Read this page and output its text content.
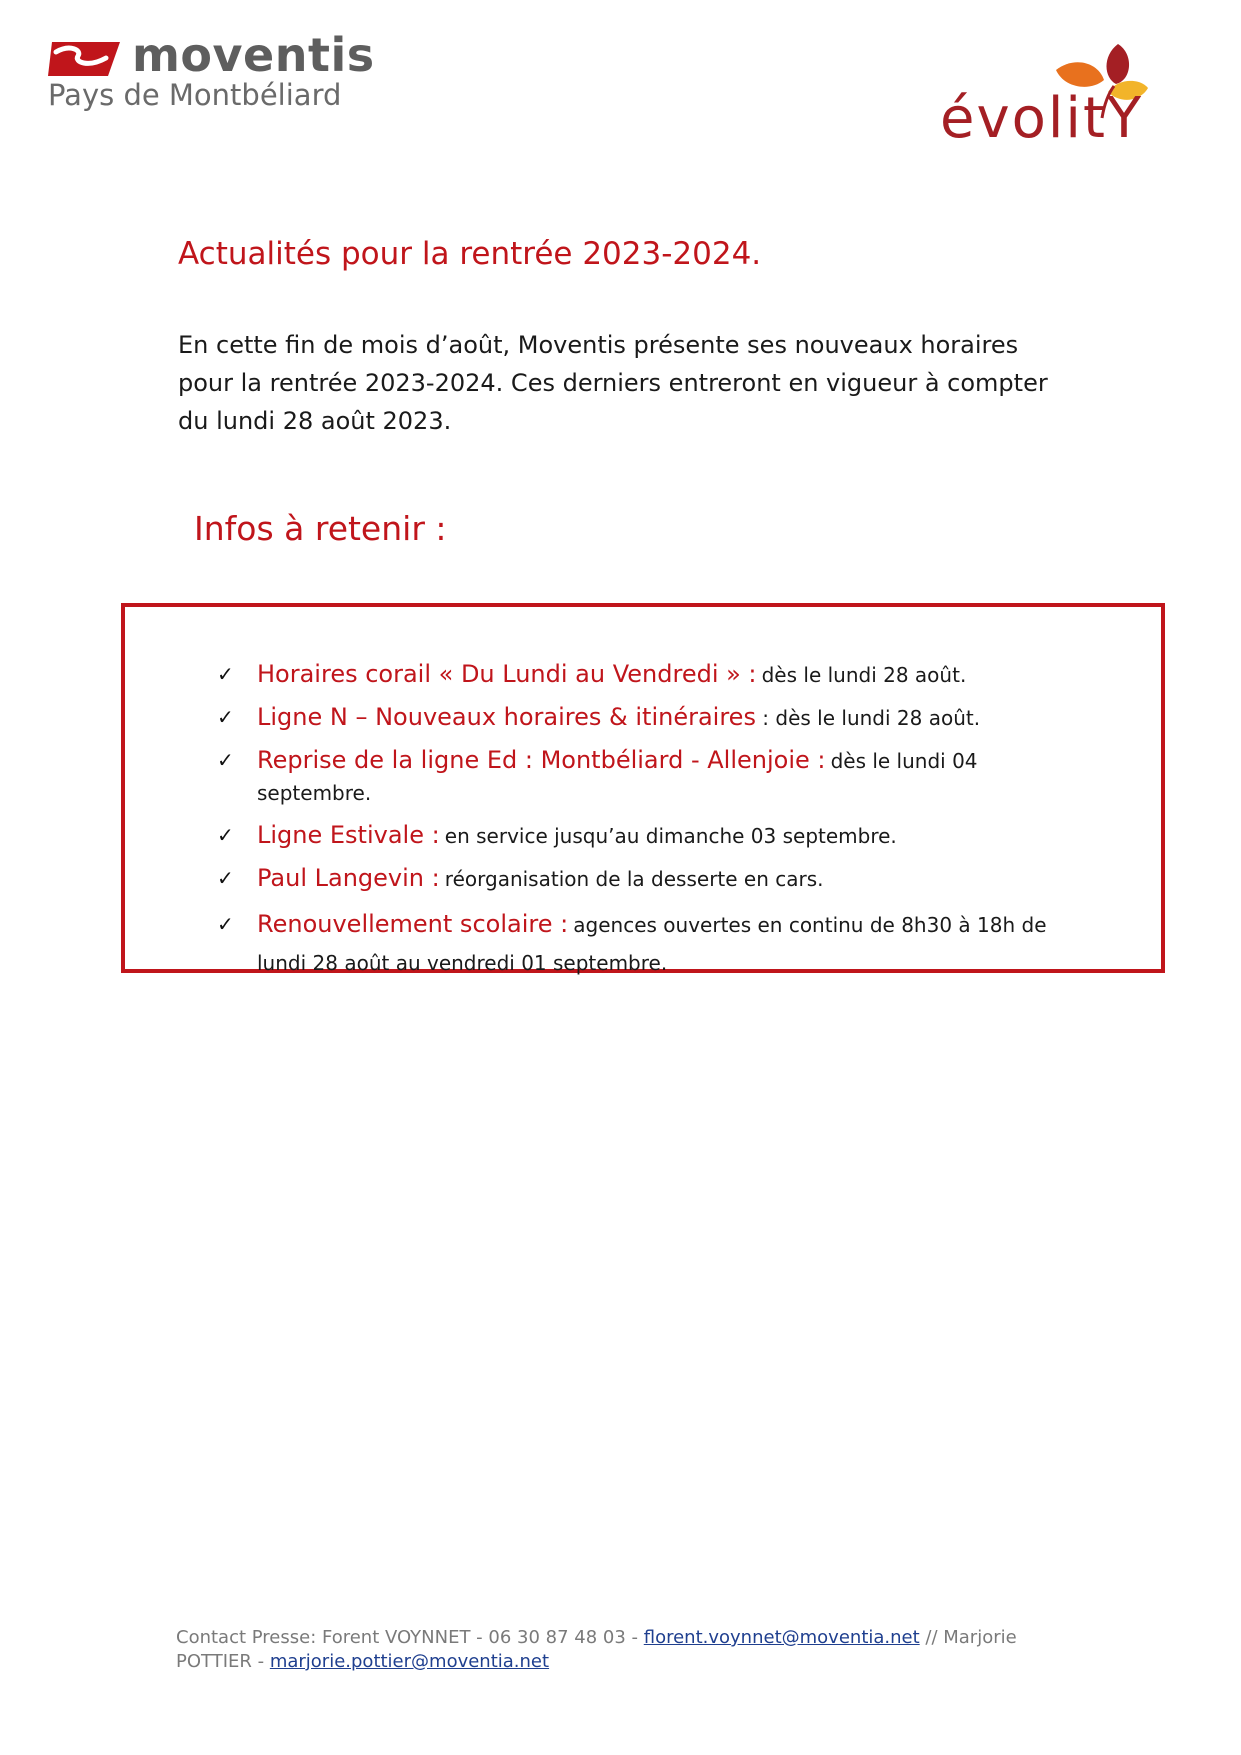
moventis
Pays de Montbéliard	évolitY
Actualités pour la rentrée 2023-2024.

En cette fin de mois d’août, Moventis présente ses nouveaux horaires pour la rentrée 2023-2024. Ces derniers entreront en vigueur à compter du lundi 28 août 2023.

Infos à retenir :
✓ Horaires corail « Du Lundi au Vendredi » : dès le lundi 28 août.
✓ Ligne N – Nouveaux horaires & itinéraires : dès le lundi 28 août.
✓ Reprise de la ligne Ed : Montbéliard - Allenjoie : dès le lundi 04 septembre.
✓ Ligne Estivale : en service jusqu’au dimanche 03 septembre.
✓ Paul Langevin : réorganisation de la desserte en cars.
✓ Renouvellement scolaire : agences ouvertes en continu de 8h30 à 18h de lundi 28 août au vendredi 01 septembre.

Contact Presse: Forent VOYNNET - 06 30 87 48 03 - florent.voynnet@moventia.net // Marjorie POTTIER - marjorie.pottier@moventia.net
